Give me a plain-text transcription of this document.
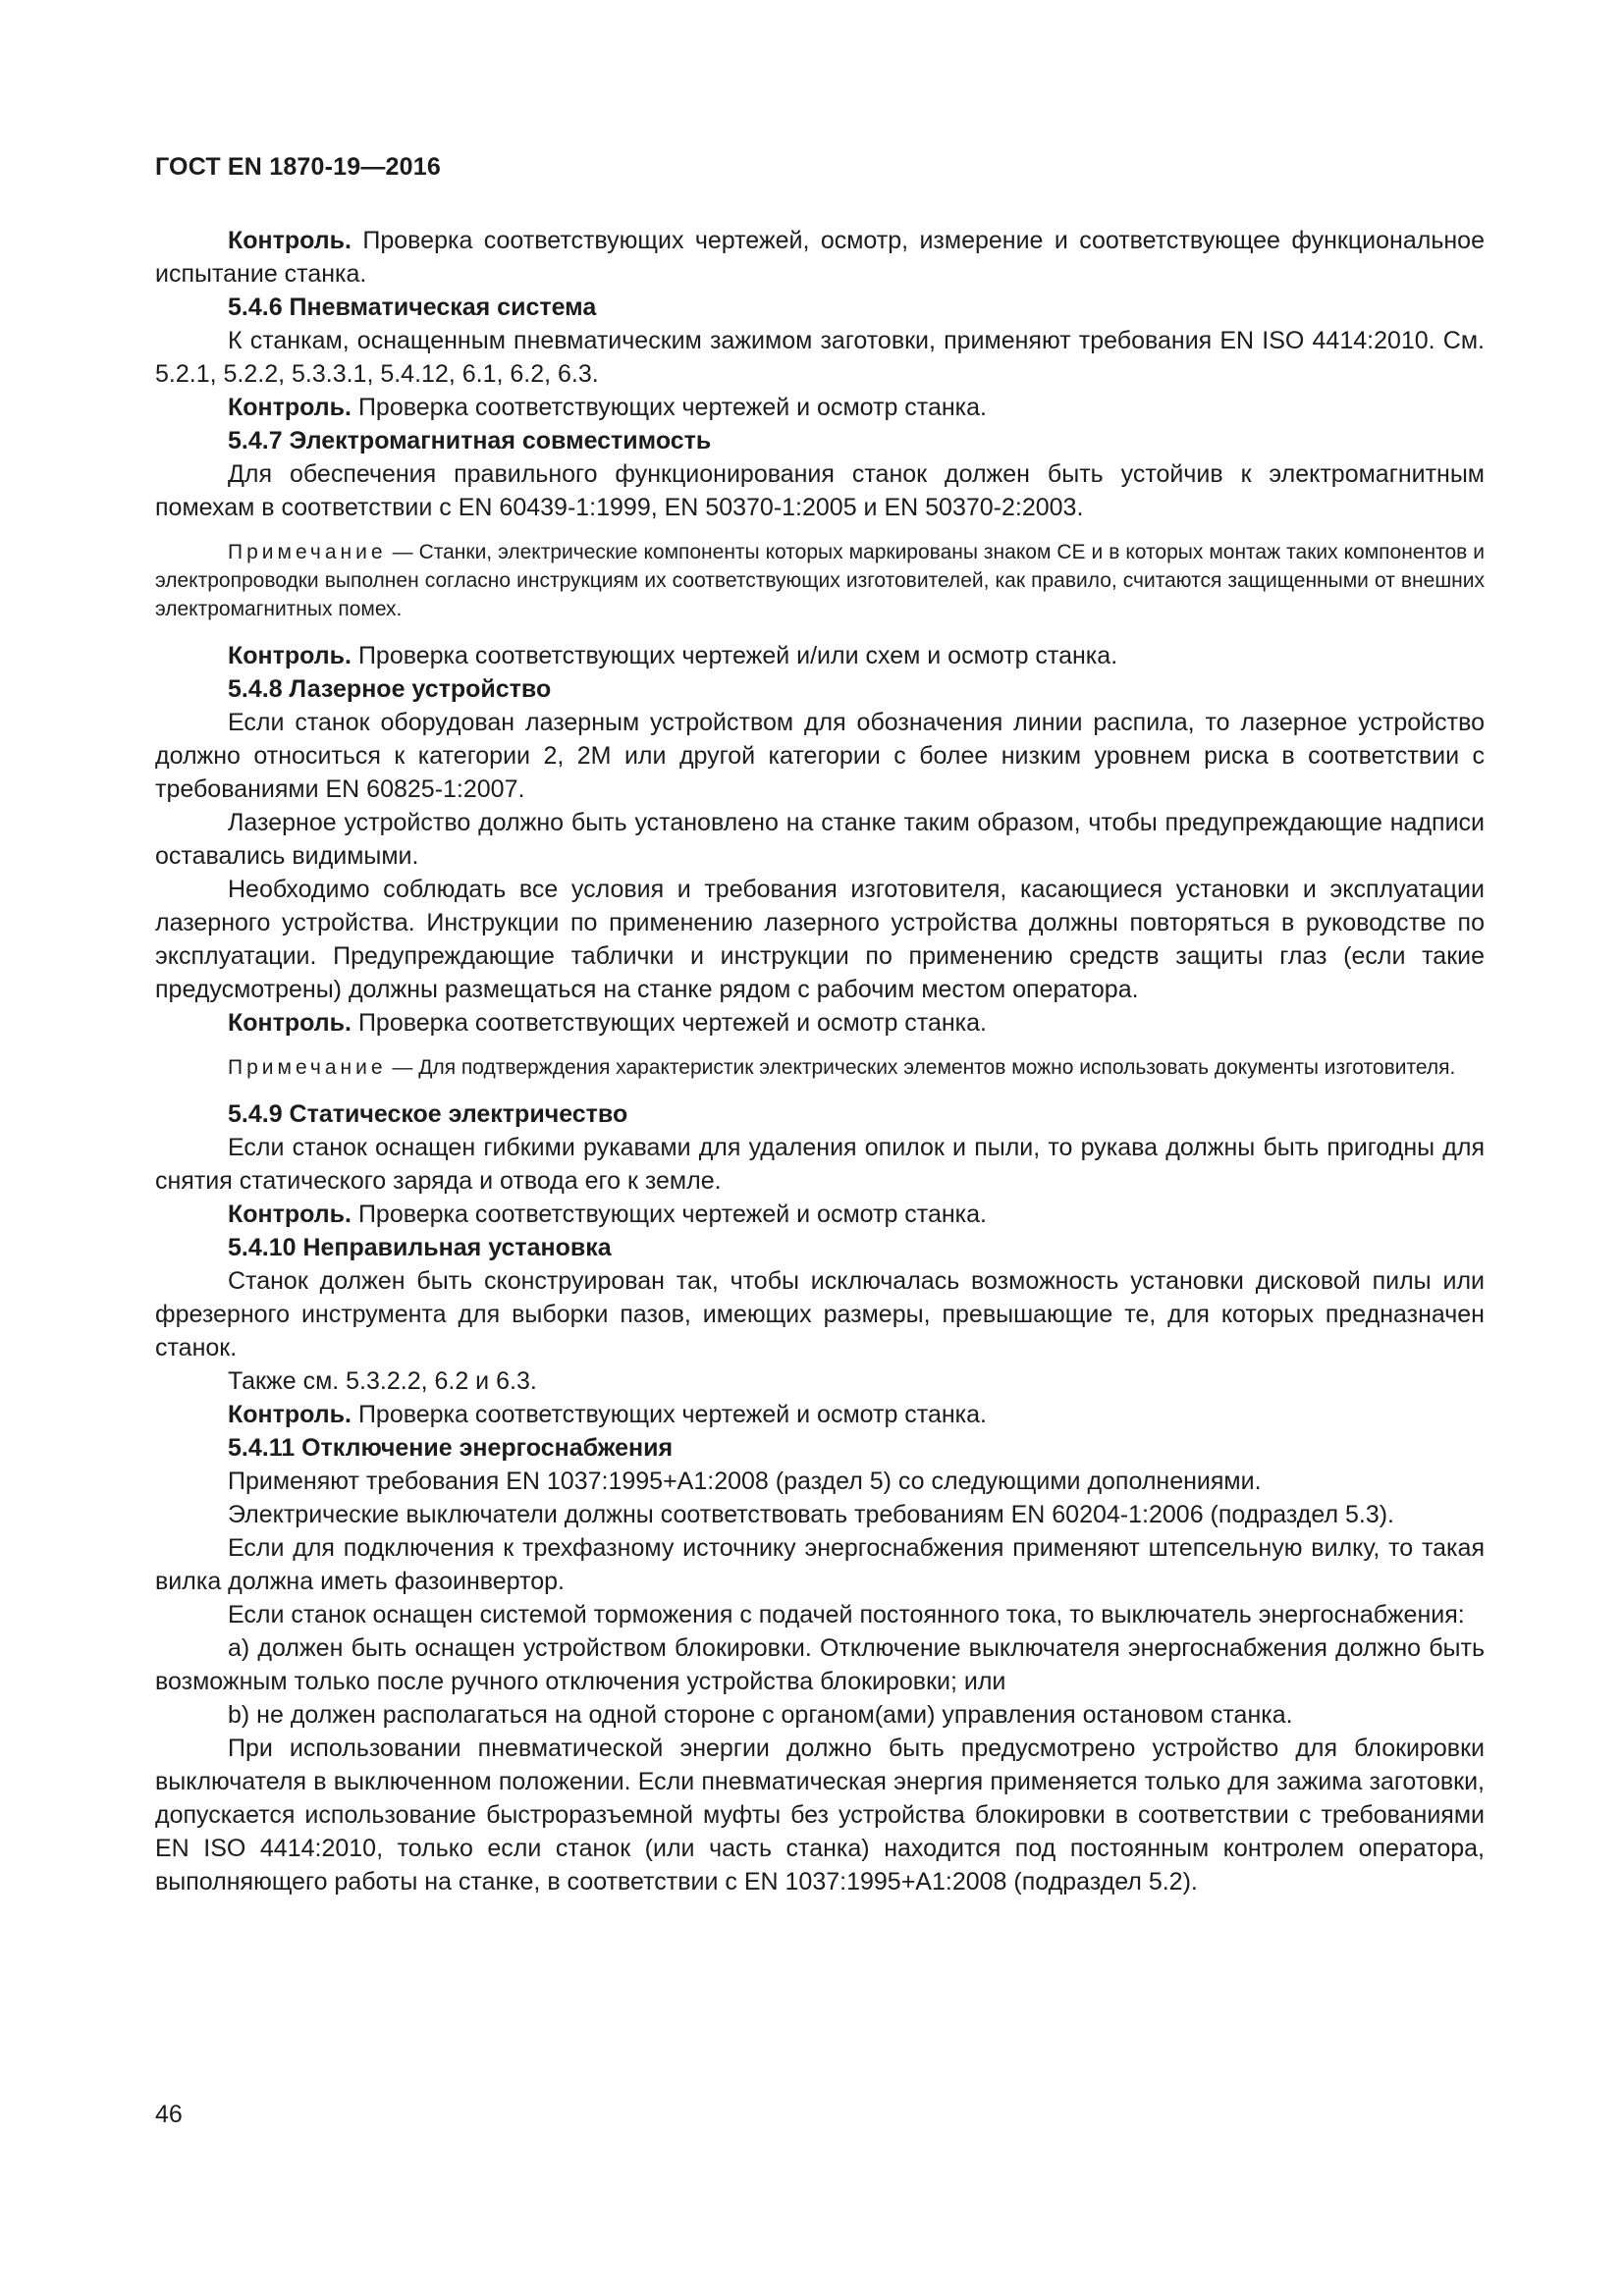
ГОСТ EN 1870-19—2016

Контроль. Проверка соответствующих чертежей, осмотр, измерение и соответствующее функциональное испытание станка.

5.4.6 Пневматическая система

К станкам, оснащенным пневматическим зажимом заготовки, применяют требования EN ISO 4414:2010. См. 5.2.1, 5.2.2, 5.3.3.1, 5.4.12, 6.1, 6.2, 6.3.

Контроль. Проверка соответствующих чертежей и осмотр станка.

5.4.7 Электромагнитная совместимость

Для обеспечения правильного функционирования станок должен быть устойчив к электромагнитным помехам в соответствии с EN 60439-1:1999, EN 50370-1:2005 и EN 50370-2:2003.

Примечание — Станки, электрические компоненты которых маркированы знаком CE и в которых монтаж таких компонентов и электропроводки выполнен согласно инструкциям их соответствующих изготовителей, как правило, считаются защищенными от внешних электромагнитных помех.

Контроль. Проверка соответствующих чертежей и/или схем и осмотр станка.

5.4.8 Лазерное устройство

Если станок оборудован лазерным устройством для обозначения линии распила, то лазерное устройство должно относиться к категории 2, 2М или другой категории с более низким уровнем риска в соответствии с требованиями EN 60825-1:2007.

Лазерное устройство должно быть установлено на станке таким образом, чтобы предупреждающие надписи оставались видимыми.

Необходимо соблюдать все условия и требования изготовителя, касающиеся установки и эксплуатации лазерного устройства. Инструкции по применению лазерного устройства должны повторяться в руководстве по эксплуатации. Предупреждающие таблички и инструкции по применению средств защиты глаз (если такие предусмотрены) должны размещаться на станке рядом с рабочим местом оператора.

Контроль. Проверка соответствующих чертежей и осмотр станка.

Примечание — Для подтверждения характеристик электрических элементов можно использовать документы изготовителя.

5.4.9 Статическое электричество

Если станок оснащен гибкими рукавами для удаления опилок и пыли, то рукава должны быть пригодны для снятия статического заряда и отвода его к земле.

Контроль. Проверка соответствующих чертежей и осмотр станка.

5.4.10 Неправильная установка

Станок должен быть сконструирован так, чтобы исключалась возможность установки дисковой пилы или фрезерного инструмента для выборки пазов, имеющих размеры, превышающие те, для которых предназначен станок.

Также см. 5.3.2.2, 6.2 и 6.3.

Контроль. Проверка соответствующих чертежей и осмотр станка.

5.4.11 Отключение энергоснабжения

Применяют требования EN 1037:1995+A1:2008 (раздел 5) со следующими дополнениями.

Электрические выключатели должны соответствовать требованиям EN 60204-1:2006 (подраздел 5.3).

Если для подключения к трехфазному источнику энергоснабжения применяют штепсельную вилку, то такая вилка должна иметь фазоинвертор.

Если станок оснащен системой торможения с подачей постоянного тока, то выключатель энергоснабжения:

a) должен быть оснащен устройством блокировки. Отключение выключателя энергоснабжения должно быть возможным только после ручного отключения устройства блокировки; или

b) не должен располагаться на одной стороне с органом(ами) управления остановом станка.

При использовании пневматической энергии должно быть предусмотрено устройство для блокировки выключателя в выключенном положении. Если пневматическая энергия применяется только для зажима заготовки, допускается использование быстроразъемной муфты без устройства блокировки в соответствии с требованиями EN ISO 4414:2010, только если станок (или часть станка) находится под постоянным контролем оператора, выполняющего работы на станке, в соответствии с EN 1037:1995+A1:2008 (подраздел 5.2).

46
